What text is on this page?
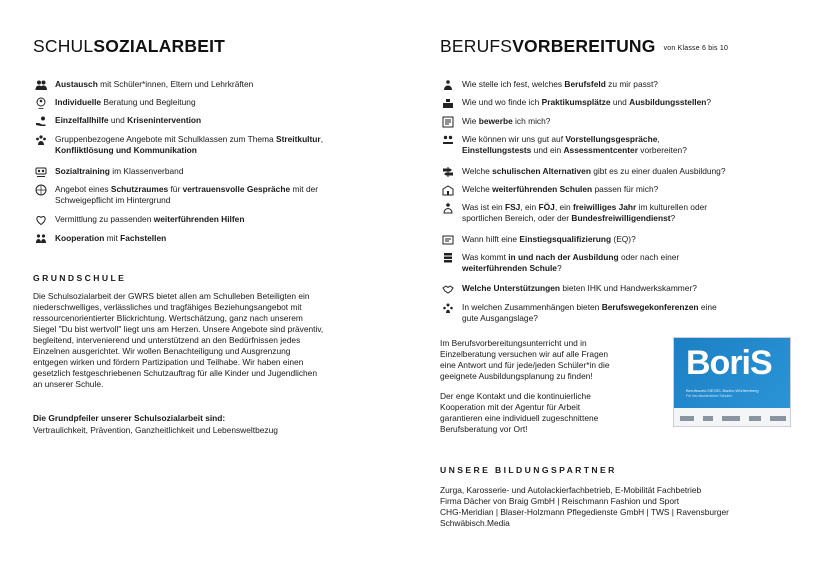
SCHULSOZIALARBEIT
Austausch mit Schüler*innen, Eltern und Lehrkräften
Individuelle Beratung und Begleitung
Einzelfallhilfe und Krisenintervention
Gruppenbezogene Angebote mit Schulklassen zum Thema Streitkultur,
Konfliktlösung und Kommunikation
Sozialtraining im Klassenverband
Angebot eines Schutzraumes für vertrauensvolle Gespräche mit der
Schweigepflicht im Hintergrund
Vermittlung zu passenden weiterführenden Hilfen
Kooperation mit Fachstellen
GRUNDSCHULE
Die Schulsozialarbeit der GWRS bietet allen am Schulleben Beteiligten ein
niederschwelliges, verlässliches und tragfähiges Beziehungsangebot mit
ressourcenorientierter Blickrichtung. Wertschätzung, ganz nach unserem
Siegel "Du bist wertvoll" liegt uns am Herzen. Unsere Angebote sind präventiv,
begleitend, intervenierend und unterstützend an den Bedürfnissen jedes
Einzelnen ausgerichtet. Wir wollen Benachteiligung und Ausgrenzung
entgegen wirken und fördern Partizipation und Teilhabe. Wir haben einen
gesetzlich festgeschriebenen Schutzauftrag für alle Kinder und Jugendlichen
an unserer Schule.
Die Grundpfeiler unserer Schulsozialarbeit sind:
Vertraulichkeit, Prävention, Ganzheitlichkeit und Lebensweltbezug
BERUFSVORBEREITUNG $^{von Klasse 6 bis 10}$
Wie stelle ich fest, welches Berufsfeld zu mir passt?
Wie und wo finde ich Praktikumsplätze und Ausbildungsstellen?
Wie bewerbe ich mich?
Wie können wir uns gut auf Vorstellungsgespräche,
Einstellungstests und ein Assessmentcenter vorbereiten?
Welche schulischen Alternativen gibt es zu einer dualen Ausbildung?
Welche weiterführenden Schulen passen für mich?
Was ist ein FSJ, ein FÖJ, ein freiwilliges Jahr im kulturellen oder
sportlichen Bereich, oder der Bundesfreiwilligendienst?
Wann hilft eine Einstiegsqualifizierung (EQ)?
Was kommt in und nach der Ausbildung oder nach einer
weiterführenden Schule?
Welche Unterstützungen bieten IHK und Handwerkskammer?
In welchen Zusammenhängen bieten Berufswegekonferenzen eine
gute Ausgangslage?
Im Berufsvorbereitungsunterricht und in
Einzelberatung versuchen wir auf alle Fragen
eine Antwort und für jede/jeden Schüler*in die
geeignete Ausbildungsplanung zu finden!
Der enge Kontakt und die kontinuierliche
Kooperation mit der Agentur für Arbeit
garantieren eine individuell zugeschnittene
Berufsberatung vor Ort!
BoriS
Berufswahl-SIEGEL Baden-Württemberg
Für berufsorientierte Schulen
UNSERE BILDUNGSPARTNER
Zurga, Karosserie- und Autolackierfachbetrieb, E-Mobilität Fachbetrieb
Firma Dächer von Braig GmbH | Reischmann Fashion und Sport
CHG-Meridian | Blaser-Holzmann Pflegedienste GmbH | TWS | Ravensburger
Schwäbisch.Media
